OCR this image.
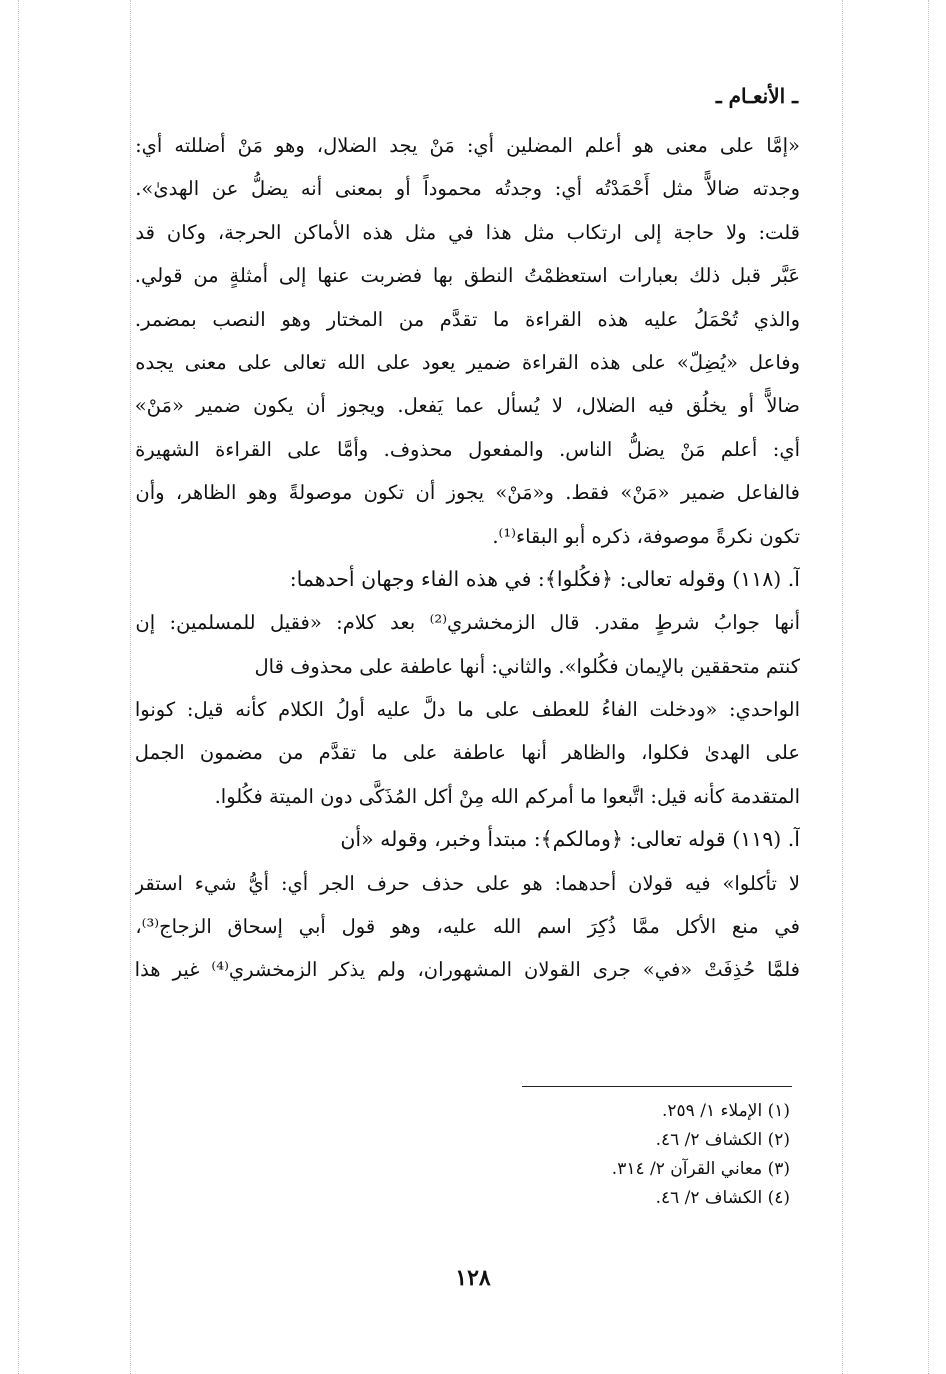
ـ الأنعـام ـ
«إمَّا على معنى هو أعلم المضلين أي: مَنْ يجد الضلال، وهو مَنْ أضللته أي:
وجدته ضالاًّ مثل أَحْمَدْتُه أي: وجدتُه محموداً أو بمعنى أنه يضلُّ عن الهدىٰ».
قلت: ولا حاجة إلى ارتكاب مثل هذا في مثل هذه الأماكن الحرجة، وكان قد
عَبَّر قبل ذلك بعبارات استعظمْتُ النطق بها فضربت عنها إلى أمثلةٍ من قولي.
والذي تُحْمَلُ عليه هذه القراءة ما تقدَّم من المختار وهو النصب بمضمر.
وفاعل «يُضِلّ» على هذه القراءة ضمير يعود على الله تعالى على معنى يجده
ضالاًّ أو يخلُق فيه الضلال، لا يُسأل عما يَفعل. ويجوز أن يكون ضمير «مَنْ»
أي: أعلم مَنْ يضلُّ الناس. والمفعول محذوف. وأمَّا على القراءة الشهيرة
فالفاعل ضمير «مَنْ» فقط. و«مَنْ» يجوز أن تكون موصولةً وهو الظاهر، وأن
تكون نكرةً موصوفة، ذكره أبو البقاء⁽¹⁾.
آ. (١١٨) وقوله تعالى: ﴿فكُلوا﴾: في هذه الفاء وجهان أحدهما:
أنها جوابُ شرطٍ مقدر. قال الزمخشري⁽²⁾ بعد كلام: «فقيل للمسلمين: إن
كنتم متحققين بالإيمان فكُلوا». والثاني: أنها عاطفة على محذوف قال
الواحدي: «ودخلت الفاءُ للعطف على ما دلَّ عليه أولُ الكلام كأنه قيل: كونوا
على الهدىٰ فكلوا، والظاهر أنها عاطفة على ما تقدَّم من مضمون الجمل
المتقدمة كأنه قيل: اتَّبعوا ما أمركم الله مِنْ أكل المُذَكَّى دون الميتة فكُلوا.
آ. (١١٩) قوله تعالى: ﴿ومالكم﴾: مبتدأ وخبر، وقوله «أن
لا تأكلوا» فيه قولان أحدهما: هو على حذف حرف الجر أي: أيُّ شيء استقر
في منع الأكل ممَّا ذُكِرَ اسم الله عليه، وهو قول أبي إسحاق الزجاج⁽³⁾،
فلمَّا حُذِفَتْ «في» جرى القولان المشهوران، ولم يذكر الزمخشري⁽⁴⁾ غير هذا
(١) الإملاء ١/ ٢٥٩.
(٢) الكشاف ٢/ ٤٦.
(٣) معاني القرآن ٢/ ٣١٤.
(٤) الكشاف ٢/ ٤٦.
١٢٨
